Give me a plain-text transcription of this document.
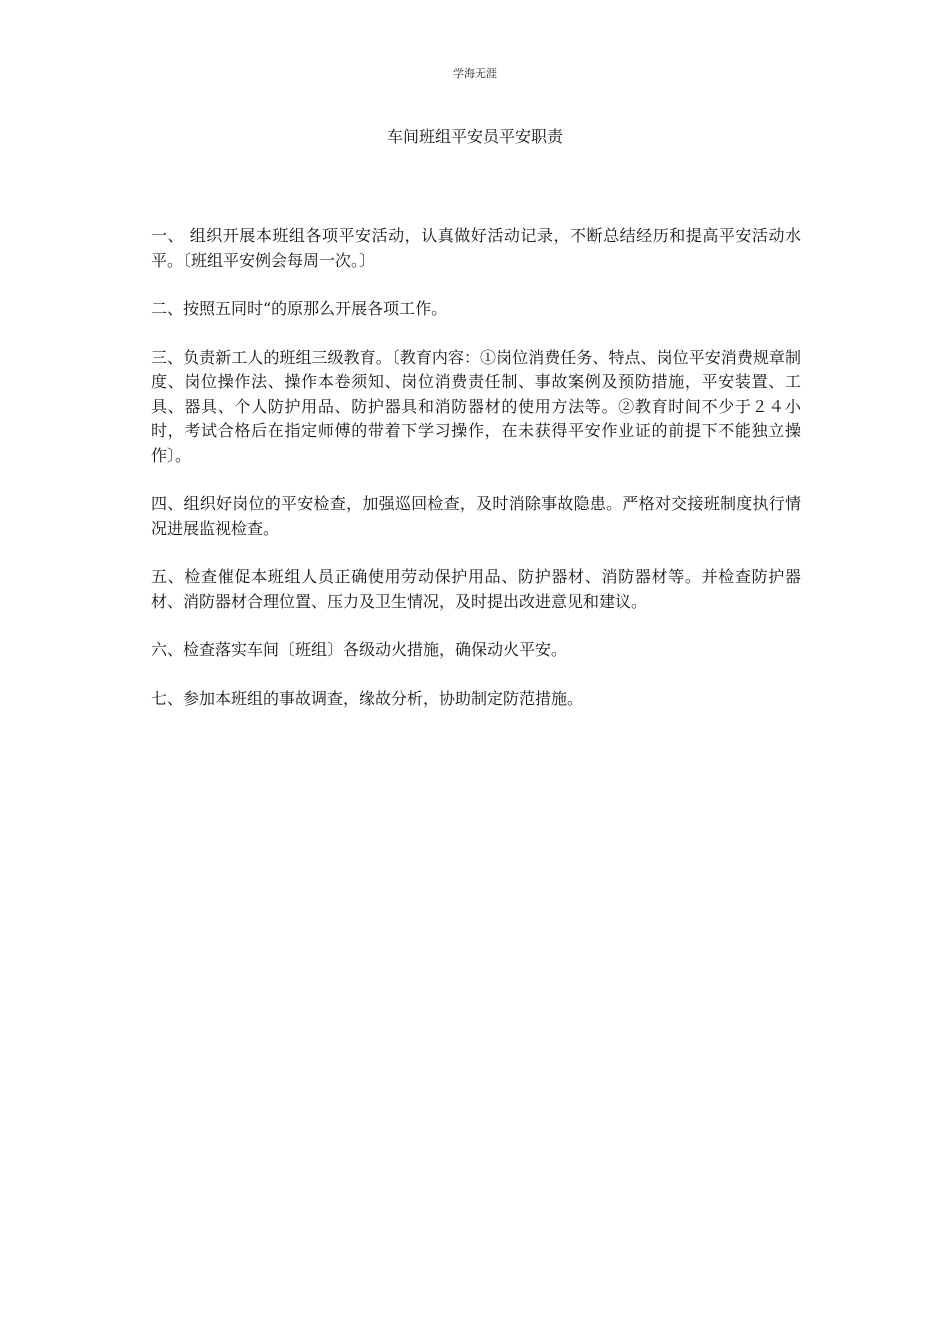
学海无涯
车间班组平安员平安职责

一、 组织开展本班组各项平安活动，认真做好活动记录，不断总结经历和提高平安活动水平。〔班组平安例会每周一次。〕

二、按照五同时“的原那么开展各项工作。

三、负责新工人的班组三级教育。〔教育内容：①岗位消费任务、特点、岗位平安消费规章制度、岗位操作法、操作本卷须知、岗位消费责任制、事故案例及预防措施，平安装置、工具、器具、个人防护用品、防护器具和消防器材的使用方法等。②教育时间不少于２４小时，考试合格后在指定师傅的带着下学习操作，在未获得平安作业证的前提下不能独立操作〕。

四、组织好岗位的平安检查，加强巡回检查，及时消除事故隐患。严格对交接班制度执行情况进展监视检查。

五、检查催促本班组人员正确使用劳动保护用品、防护器材、消防器材等。并检查防护器材、消防器材合理位置、压力及卫生情况，及时提出改进意见和建议。

六、检查落实车间〔班组〕各级动火措施，确保动火平安。

七、参加本班组的事故调查，缘故分析，协助制定防范措施。
